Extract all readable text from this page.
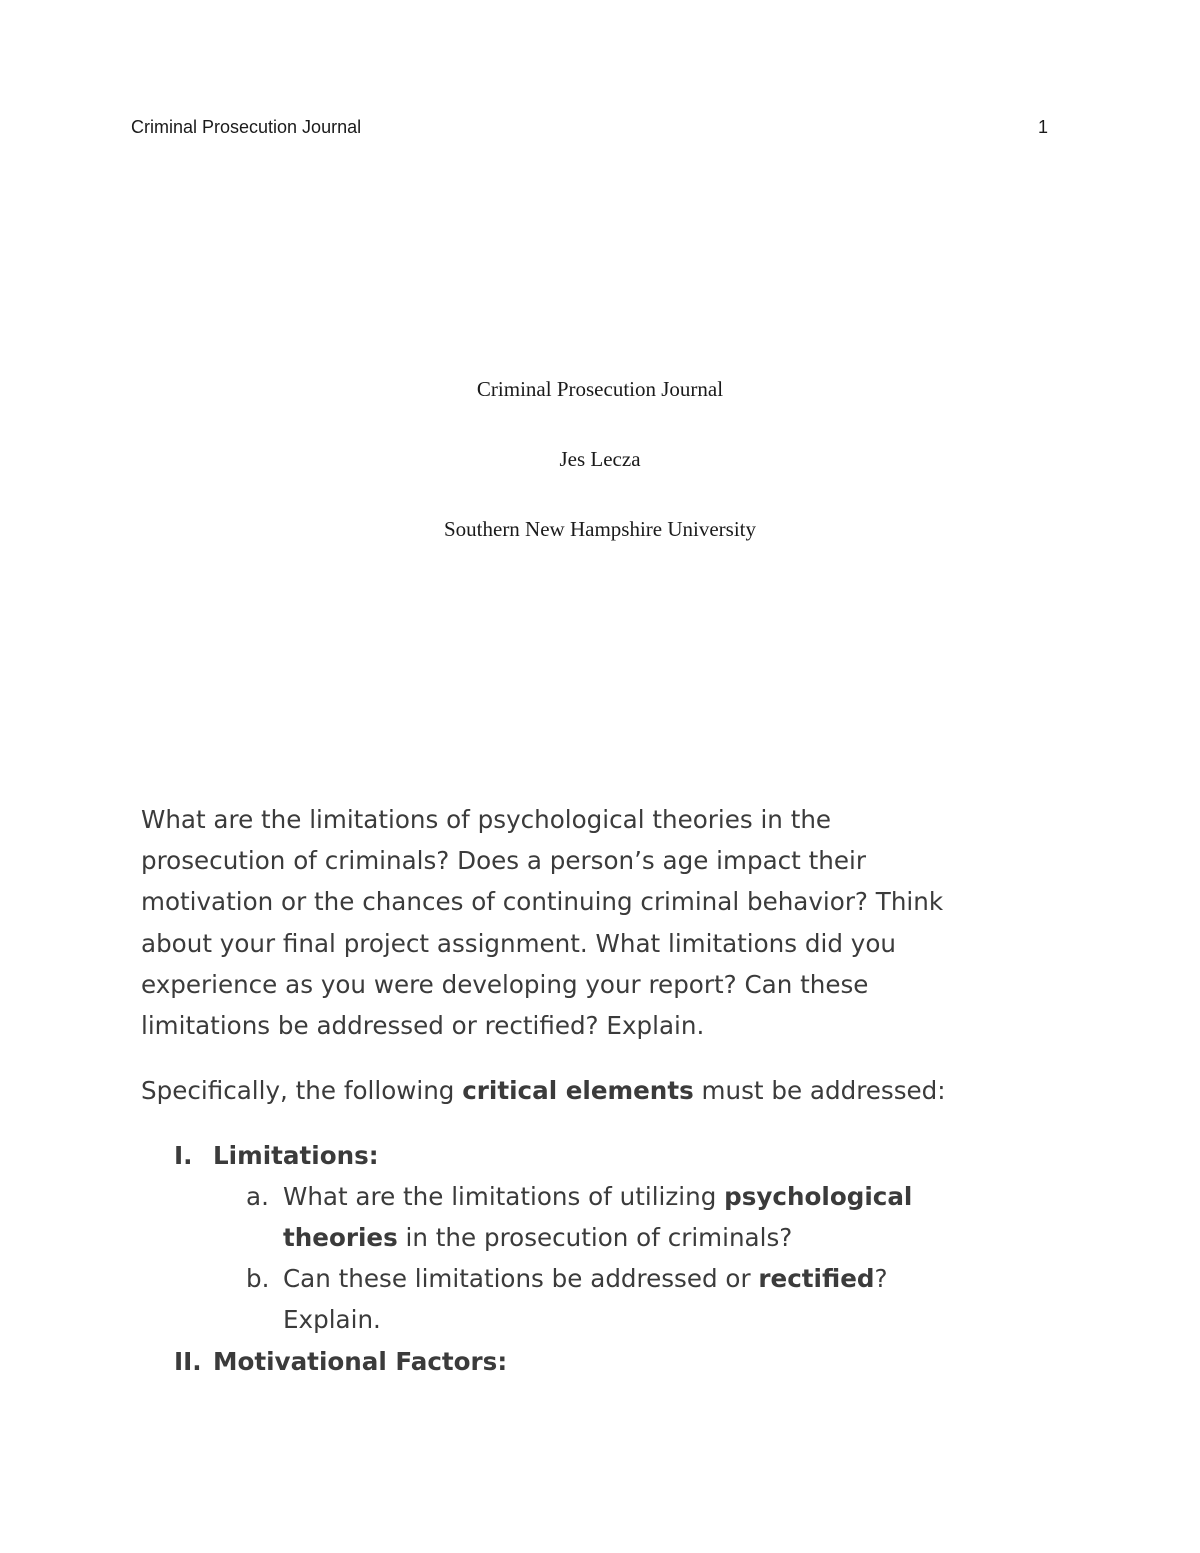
Criminal Prosecution Journal	1
Criminal Prosecution Journal
Jes Lecza
Southern New Hampshire University
What are the limitations of psychological theories in the
prosecution of criminals? Does a person’s age impact their
motivation or the chances of continuing criminal behavior? Think
about your final project assignment. What limitations did you
experience as you were developing your report? Can these
limitations be addressed or rectified? Explain.
Specifically, the following critical elements must be addressed:
I. Limitations:
a. What are the limitations of utilizing psychological
theories in the prosecution of criminals?
b. Can these limitations be addressed or rectified?
Explain.
II. Motivational Factors:
